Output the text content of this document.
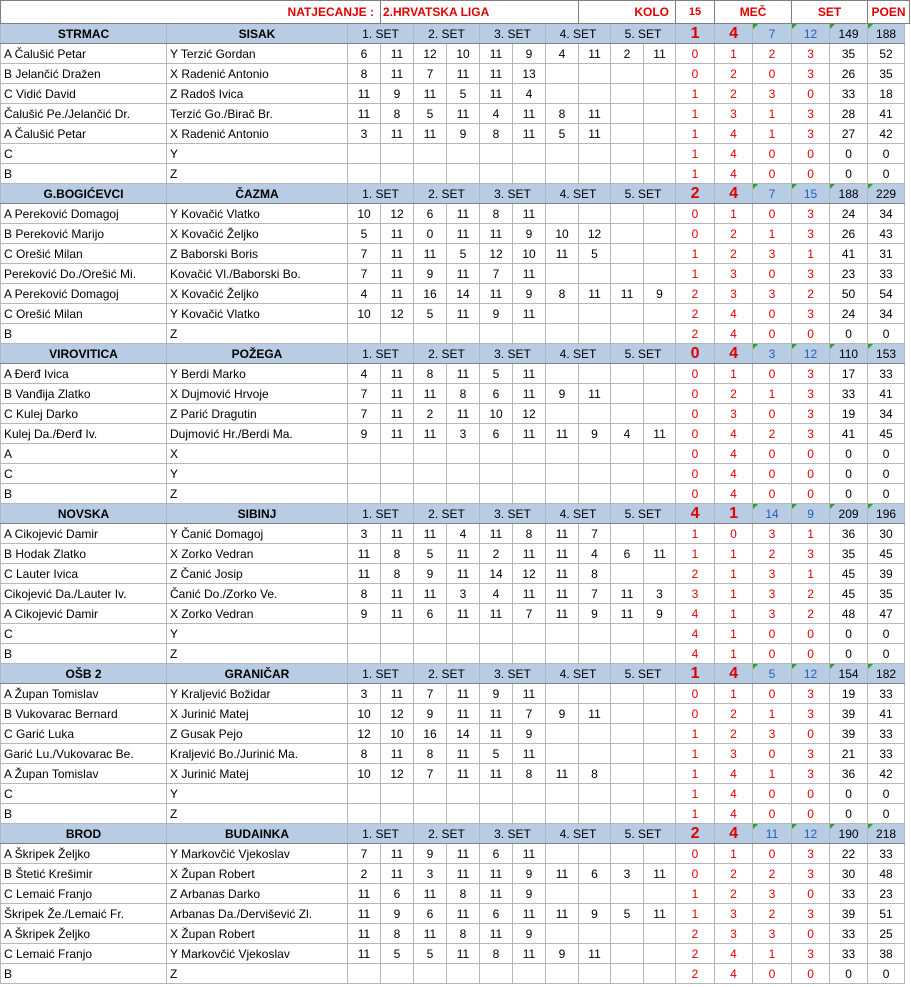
NATJECANJE :			2.HRVATSKA LIGA						KOLO			15	MEČ		SET		POEN
STRMAC	SISAK	1. SET		2. SET		3. SET		4. SET		5. SET		1	4	7	12	149	188
A Čalušić Petar	Y Terzić Gordan	6	11	12	10	11	9	4	11	2	11	0	1	2	3	35	52
B Jelančić Dražen	X Radenić Antonio	8	11	7	11	11	13					0	2	0	3	26	35
C Vidić David	Z Radoš Ivica	11	9	11	5	11	4					1	2	3	0	33	18
Čalušić Pe./Jelančić Dr.	Terzić Go./Birač Br.	11	8	5	11	4	11	8	11			1	3	1	3	28	41
A Čalušić Petar	X Radenić Antonio	3	11	11	9	8	11	5	11			1	4	1	3	27	42
C	Y											1	4	0	0	0	0
B	Z											1	4	0	0	0	0
G.BOGIĆEVCI	ČAZMA	1. SET		2. SET		3. SET		4. SET		5. SET		2	4	7	15	188	229
A Pereković Domagoj	Y Kovačić Vlatko	10	12	6	11	8	11					0	1	0	3	24	34
B Pereković Marijo	X Kovačić Željko	5	11	0	11	11	9	10	12			0	2	1	3	26	43
C Orešić Milan	Z Baborski Boris	7	11	11	5	12	10	11	5			1	2	3	1	41	31
Pereković Do./Orešić Mi.	Kovačić Vl./Baborski Bo.	7	11	9	11	7	11					1	3	0	3	23	33
A Pereković Domagoj	X Kovačić Željko	4	11	16	14	11	9	8	11	11	9	2	3	3	2	50	54
C Orešić Milan	Y Kovačić Vlatko	10	12	5	11	9	11					2	4	0	3	24	34
B	Z											2	4	0	0	0	0
VIROVITICA	POŽEGA	1. SET		2. SET		3. SET		4. SET		5. SET		0	4	3	12	110	153
A Đerđ Ivica	Y Berdi Marko	4	11	8	11	5	11					0	1	0	3	17	33
B Vanđija Zlatko	X Dujmović Hrvoje	7	11	11	8	6	11	9	11			0	2	1	3	33	41
C Kulej Darko	Z Parić Dragutin	7	11	2	11	10	12					0	3	0	3	19	34
Kulej Da./Đerđ Iv.	Dujmović Hr./Berdi Ma.	9	11	11	3	6	11	11	9	4	11	0	4	2	3	41	45
A	X											0	4	0	0	0	0
C	Y											0	4	0	0	0	0
B	Z											0	4	0	0	0	0
NOVSKA	SIBINJ	1. SET		2. SET		3. SET		4. SET		5. SET		4	1	14	9	209	196
A Cikojević Damir	Y Čanić Domagoj	3	11	11	4	11	8	11	7			1	0	3	1	36	30
B Hodak Zlatko	X Zorko Vedran	11	8	5	11	2	11	11	4	6	11	1	1	2	3	35	45
C Lauter Ivica	Z Čanić Josip	11	8	9	11	14	12	11	8			2	1	3	1	45	39
Cikojević Da./Lauter Iv.	Čanić Do./Zorko Ve.	8	11	11	3	4	11	11	7	11	3	3	1	3	2	45	35
A Cikojević Damir	X Zorko Vedran	9	11	6	11	11	7	11	9	11	9	4	1	3	2	48	47
C	Y											4	1	0	0	0	0
B	Z											4	1	0	0	0	0
OŠB 2	GRANIČAR	1. SET		2. SET		3. SET		4. SET		5. SET		1	4	5	12	154	182
A Župan Tomislav	Y Kraljević Božidar	3	11	7	11	9	11					0	1	0	3	19	33
B Vukovarac Bernard	X Jurinić Matej	10	12	9	11	11	7	9	11			0	2	1	3	39	41
C Garić Luka	Z Gusak Pejo	12	10	16	14	11	9					1	2	3	0	39	33
Garić Lu./Vukovarac Be.	Kraljević Bo./Jurinić Ma.	8	11	8	11	5	11					1	3	0	3	21	33
A Župan Tomislav	X Jurinić Matej	10	12	7	11	11	8	11	8			1	4	1	3	36	42
C	Y											1	4	0	0	0	0
B	Z											1	4	0	0	0	0
BROD	BUDAINKA	1. SET		2. SET		3. SET		4. SET		5. SET		2	4	11	12	190	218
A Škripek Željko	Y Markovčić Vjekoslav	7	11	9	11	6	11					0	1	0	3	22	33
B Štetić Krešimir	X Župan Robert	2	11	3	11	11	9	11	6	3	11	0	2	2	3	30	48
C Lemaić Franjo	Z Arbanas Darko	11	6	11	8	11	9					1	2	3	0	33	23
Škripek Že./Lemaić Fr.	Arbanas Da./Dervišević Zl.	11	9	6	11	6	11	11	9	5	11	1	3	2	3	39	51
A Škripek Željko	X Župan Robert	11	8	11	8	11	9					2	3	3	0	33	25
C Lemaić Franjo	Y Markovčić Vjekoslav	11	5	5	11	8	11	9	11			2	4	1	3	33	38
B	Z											2	4	0	0	0	0
